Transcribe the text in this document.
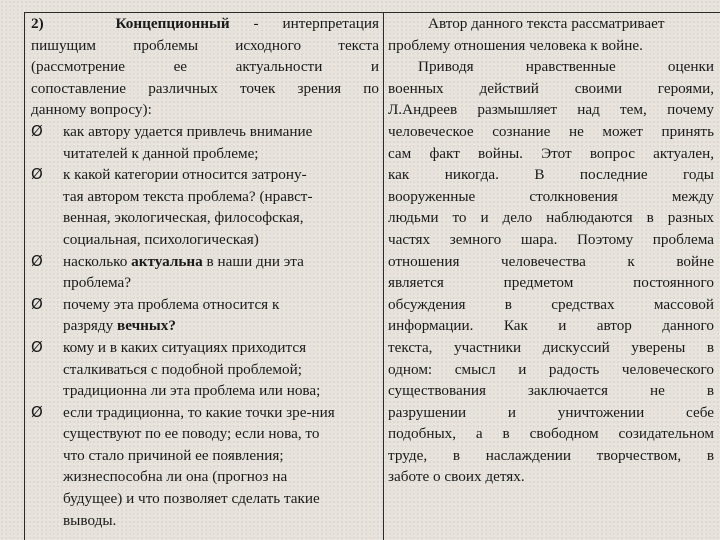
2)	Концепционный - интерпретация
пишущим проблемы исходного текста
(рассмотрение ее актуальности и
сопоставление различных точек зрения по
данному вопросу):
Ø	как автору удается привлечь внимание
читателей к данной проблеме;
Ø	к какой категории относится затрону-
тая автором текста проблема? (нравст-
венная, экологическая, философская,
социальная, психологическая)
Ø	насколько актуальна в наши дни эта
проблема?
Ø	почему эта проблема относится к
разряду вечных?
Ø	кому и в каких ситуациях приходится
сталкиваться с подобной проблемой;
традиционна ли эта проблема или нова;
Ø	если традиционна, то какие точки зре-ния
существуют по ее поводу; если нова, то
что стало причиной ее появления;
жизнеспособна ли она (прогноз на
будущее) и что позволяет сделать такие
выводы.
Автор данного текста рассматривает
проблему отношения человека к войне.
Приводя нравственные оценки
военных действий своими героями,
Л.Андреев размышляет над тем, почему
человеческое сознание не может принять
сам факт войны. Этот вопрос актуален,
как никогда. В последние годы
вооруженные столкновения между
людьми то и дело наблюдаются в разных
частях земного шара. Поэтому проблема
отношения человечества к войне
является предметом постоянного
обсуждения в средствах массовой
информации. Как и автор данного
текста, участники дискуссий уверены в
одном: смысл и радость человеческого
существования заключается не в
разрушении и уничтожении себе
подобных, а в свободном созидательном
труде, в наслаждении творчеством, в
заботе о своих детях.
